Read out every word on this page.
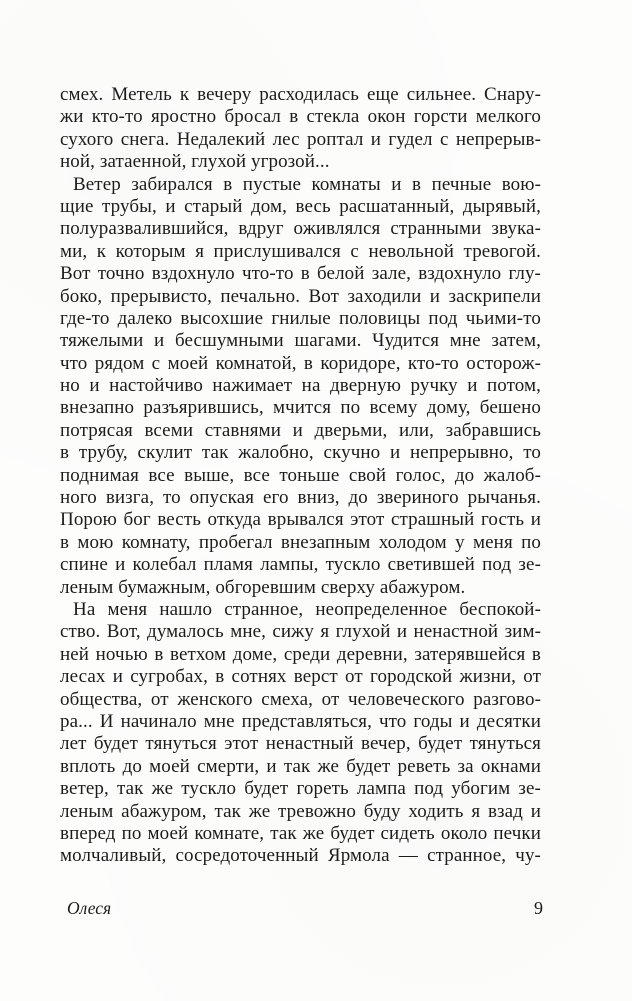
смех. Метель к вечеру расходилась еще сильнее. Снару-
жи кто-то яростно бросал в стекла окон горсти мелкого
сухого снега. Недалекий лес роптал и гудел с непрерыв-
ной, затаенной, глухой угрозой...
Ветер забирался в пустые комнаты и в печные вою-
щие трубы, и старый дом, весь расшатанный, дырявый,
полуразвалившийся, вдруг оживлялся странными звука-
ми, к которым я прислушивался с невольной тревогой.
Вот точно вздохнуло что-то в белой зале, вздохнуло глу-
боко, прерывисто, печально. Вот заходили и заскрипели
где-то далеко высохшие гнилые половицы под чьими-то
тяжелыми и бесшумными шагами. Чудится мне затем,
что рядом с моей комнатой, в коридоре, кто-то осторож-
но и настойчиво нажимает на дверную ручку и потом,
внезапно разъярившись, мчится по всему дому, бешено
потрясая всеми ставнями и дверьми, или, забравшись
в трубу, скулит так жалобно, скучно и непрерывно, то
поднимая все выше, все тоньше свой голос, до жалоб-
ного визга, то опуская его вниз, до звериного рычанья.
Порою бог весть откуда врывался этот страшный гость и
в мою комнату, пробегал внезапным холодом у меня по
спине и колебал пламя лампы, тускло светившей под зе-
леным бумажным, обгоревшим сверху абажуром.
На меня нашло странное, неопределенное беспокой-
ство. Вот, думалось мне, сижу я глухой и ненастной зим-
ней ночью в ветхом доме, среди деревни, затерявшейся в
лесах и сугробах, в сотнях верст от городской жизни, от
общества, от женского смеха, от человеческого разгово-
ра... И начинало мне представляться, что годы и десятки
лет будет тянуться этот ненастный вечер, будет тянуться
вплоть до моей смерти, и так же будет реветь за окнами
ветер, так же тускло будет гореть лампа под убогим зе-
леным абажуром, так же тревожно буду ходить я взад и
вперед по моей комнате, так же будет сидеть около печки
молчаливый, сосредоточенный Ярмола — странное, чу-
Олеся	9
